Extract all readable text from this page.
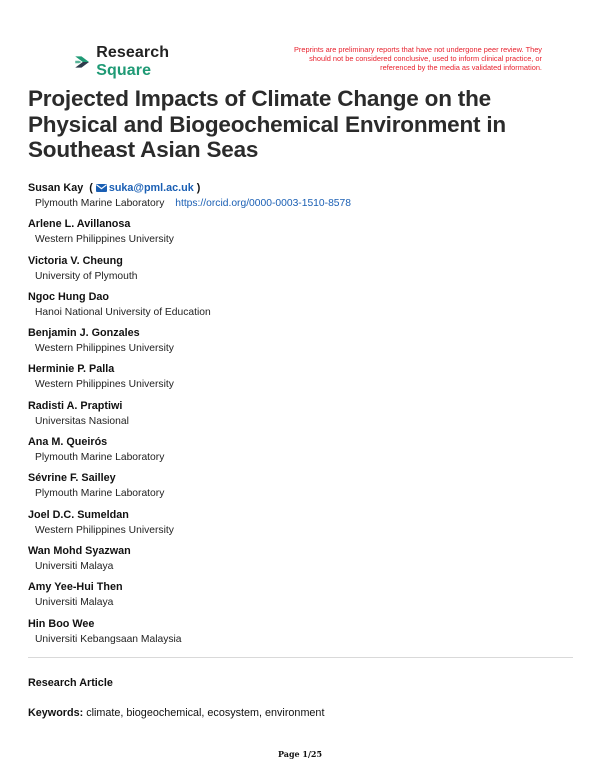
Research Square
Preprints are preliminary reports that have not undergone peer review. They should not be considered conclusive, used to inform clinical practice, or referenced by the media as validated information.
Projected Impacts of Climate Change on the Physical and Biogeochemical Environment in Southeast Asian Seas
Susan Kay  ( suka@pml.ac.uk )
Plymouth Marine Laboratory https://orcid.org/0000-0003-1510-8578
Arlene L. Avillanosa
Western Philippines University
Victoria V. Cheung
University of Plymouth
Ngoc Hung Dao
Hanoi National University of Education
Benjamin J. Gonzales
Western Philippines University
Herminie P. Palla
Western Philippines University
Radisti A. Praptiwi
Universitas Nasional
Ana M. Queirós
Plymouth Marine Laboratory
Sévrine F. Sailley
Plymouth Marine Laboratory
Joel D.C. Sumeldan
Western Philippines University
Wan Mohd Syazwan
Universiti Malaya
Amy Yee-Hui Then
Universiti Malaya
Hin Boo Wee
Universiti Kebangsaan Malaysia
Research Article
Keywords: climate, biogeochemical, ecosystem, environment
Page 1/25
